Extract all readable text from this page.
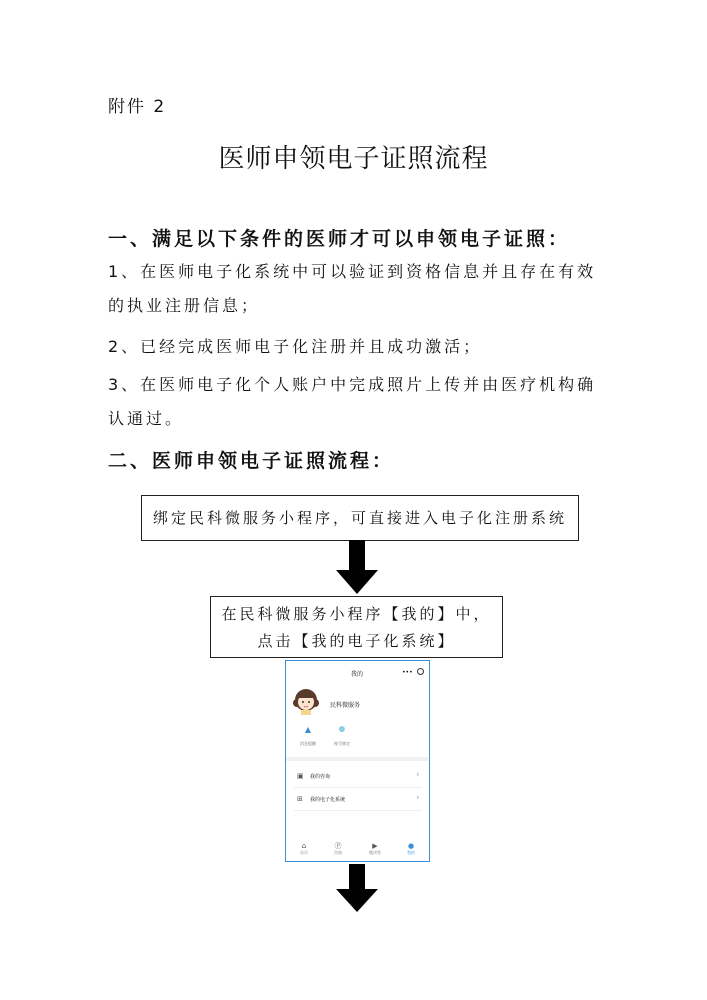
附件 2
医师申领电子证照流程
一、满足以下条件的医师才可以申领电子证照：
1、在医师电子化系统中可以验证到资格信息并且存在有效
的执业注册信息；
2、已经完成医师电子化注册并且成功激活；
3、在医师电子化个人账户中完成照片上传并由医疗机构确
认通过。
二、医师申领电子证照流程：
绑定民科微服务小程序，可直接进入电子化注册系统
在民科微服务小程序【我的】中，
点击【我的电子化系统】
我的	•••
民科微服务
▲
消息提醒
❁
账号绑定
▣ 我的咨询	›
⊞ 我的电子化系统	›
⌂
首页
Ⓟ
咨询
▶
微讲堂
●
我的
